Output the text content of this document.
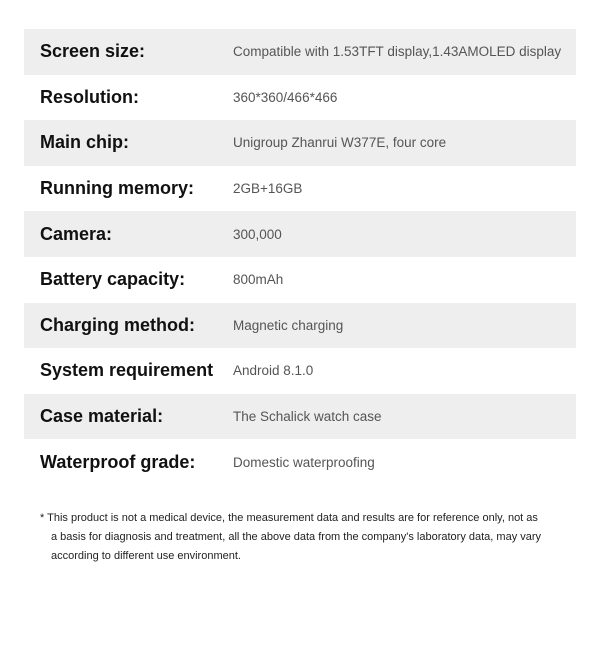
Screen size:	Compatible with 1.53TFT display,1.43AMOLED display
Resolution:	360*360/466*466
Main chip:	Unigroup Zhanrui W377E, four core
Running memory:	2GB+16GB
Camera:	300,000
Battery capacity:	800mAh
Charging method:	Magnetic charging
System requirement	Android 8.1.0
Case material:	The Schalick watch case
Waterproof grade:	Domestic waterproofing
* This product is not a medical device, the measurement data and results are for reference only, not as
a basis for diagnosis and treatment, all the above data from the company's laboratory data, may vary
according to different use environment.
